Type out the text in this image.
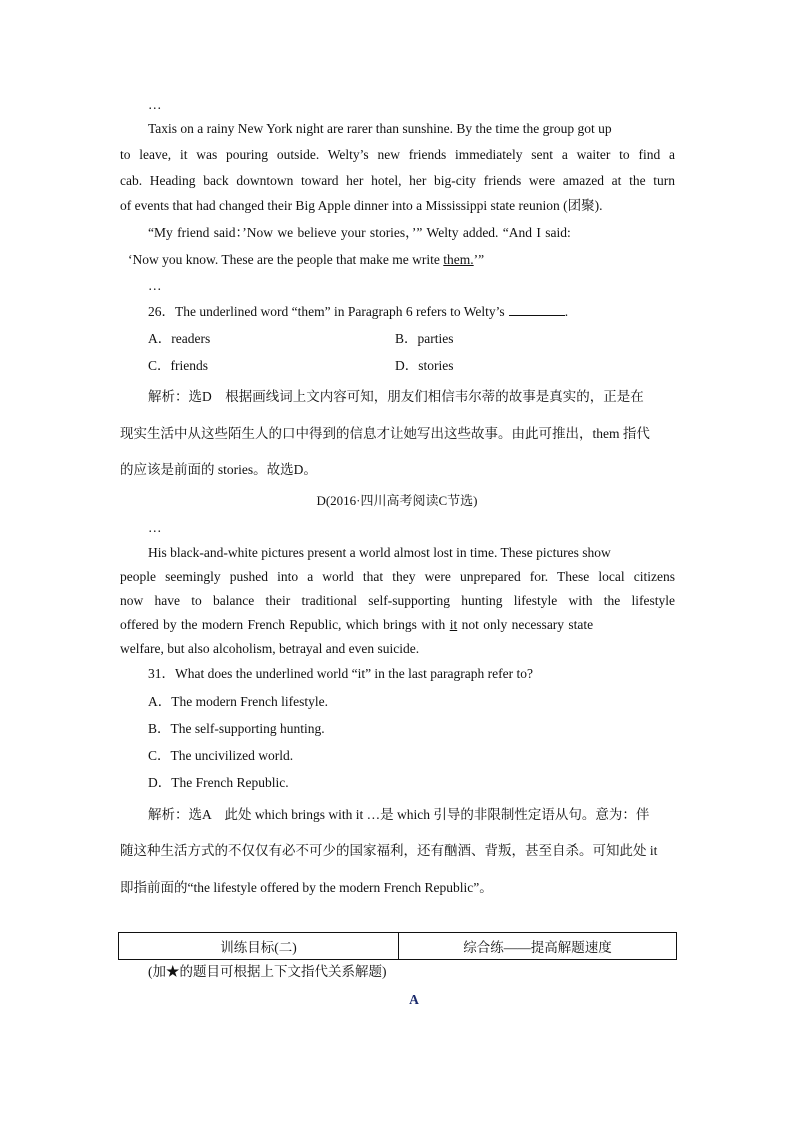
…
Taxis on a rainy New York night are rarer than sunshine. By the time the group got up
to leave, it was pouring outside. Welty’s new friends immediately sent a waiter to find a
cab. Heading back downtown toward her hotel, her big-city friends were amazed at the turn
of events that had changed their Big Apple dinner into a Mississippi state reunion (团聚).
“My friend said：’Now we believe your stories，’” Welty added. “And I said:
‘Now you know. These are the people that make me write them.’”
…
26．The underlined word “them” in Paragraph 6 refers to Welty’s	.
A．readers	B．parties
C．friends	D．stories
解析：选D　根据画线词上文内容可知，朋友们相信韦尔蒂的故事是真实的，正是在
现实生活中从这些陌生人的口中得到的信息才让她写出这些故事。由此可推出，them 指代
的应该是前面的 stories。故选D。
D(2016·四川高考阅读C节选)
…
His black-and-white pictures present a world almost lost in time. These pictures show
people seemingly pushed into a world that they were unprepared for. These local citizens
now have to balance their traditional self-supporting hunting lifestyle with the lifestyle
offered by the modern French Republic, which brings with it not only necessary state
welfare, but also alcoholism, betrayal and even suicide.
31．What does the underlined world “it” in the last paragraph refer to?
A．The modern French lifestyle.
B．The self-supporting hunting.
C．The uncivilized world.
D．The French Republic.
解析：选A　此处 which brings with it …是 which 引导的非限制性定语从句。意为：伴
随这种生活方式的不仅仅有必不可少的国家福利，还有酗酒、背叛，甚至自杀。可知此处 it
即指前面的“the lifestyle offered by the modern French Republic”。
训练目标(二)	综合练——提高解题速度
(加★的题目可根据上下文指代关系解题)
A
